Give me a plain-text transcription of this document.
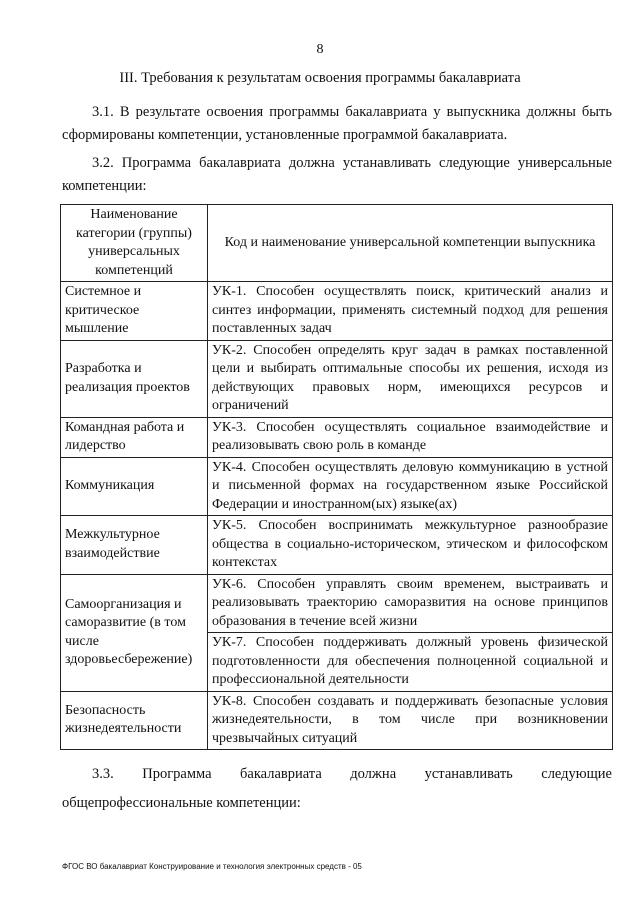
8
III. Требования к результатам освоения программы бакалавриата
3.1. В результате освоения программы бакалавриата у выпускника должны быть сформированы компетенции, установленные программой бакалавриата.
3.2. Программа бакалавриата должна устанавливать следующие универсальные компетенции:
Наименование категории (группы) универсальных компетенций	Код и наименование универсальной компетенции выпускника
Системное и критическое мышление	УК-1. Способен осуществлять поиск, критический анализ и синтез информации, применять системный подход для решения поставленных задач
Разработка и реализация проектов	УК-2. Способен определять круг задач в рамках поставленной цели и выбирать оптимальные способы их решения, исходя из действующих правовых норм, имеющихся ресурсов и ограничений
Командная работа и лидерство	УК-3. Способен осуществлять социальное взаимодействие и реализовывать свою роль в команде
Коммуникация	УК-4. Способен осуществлять деловую коммуникацию в устной и письменной формах на государственном языке Российской Федерации и иностранном(ых) языке(ах)
Межкультурное взаимодействие	УК-5. Способен воспринимать межкультурное разнообразие общества в социально-историческом, этическом и философском контекстах
Самоорганизация и саморазвитие (в том числе здоровьесбережение)	УК-6. Способен управлять своим временем, выстраивать и реализовывать траекторию саморазвития на основе принципов образования в течение всей жизни
	УК-7. Способен поддерживать должный уровень физической подготовленности для обеспечения полноценной социальной и профессиональной деятельности
Безопасность жизнедеятельности	УК-8. Способен создавать и поддерживать безопасные условия жизнедеятельности, в том числе при возникновении чрезвычайных ситуаций
3.3. Программа бакалавриата должна устанавливать следующие
общепрофессиональные компетенции:
ФГОС ВО бакалавриат Конструирование и технология электронных средств - 05
